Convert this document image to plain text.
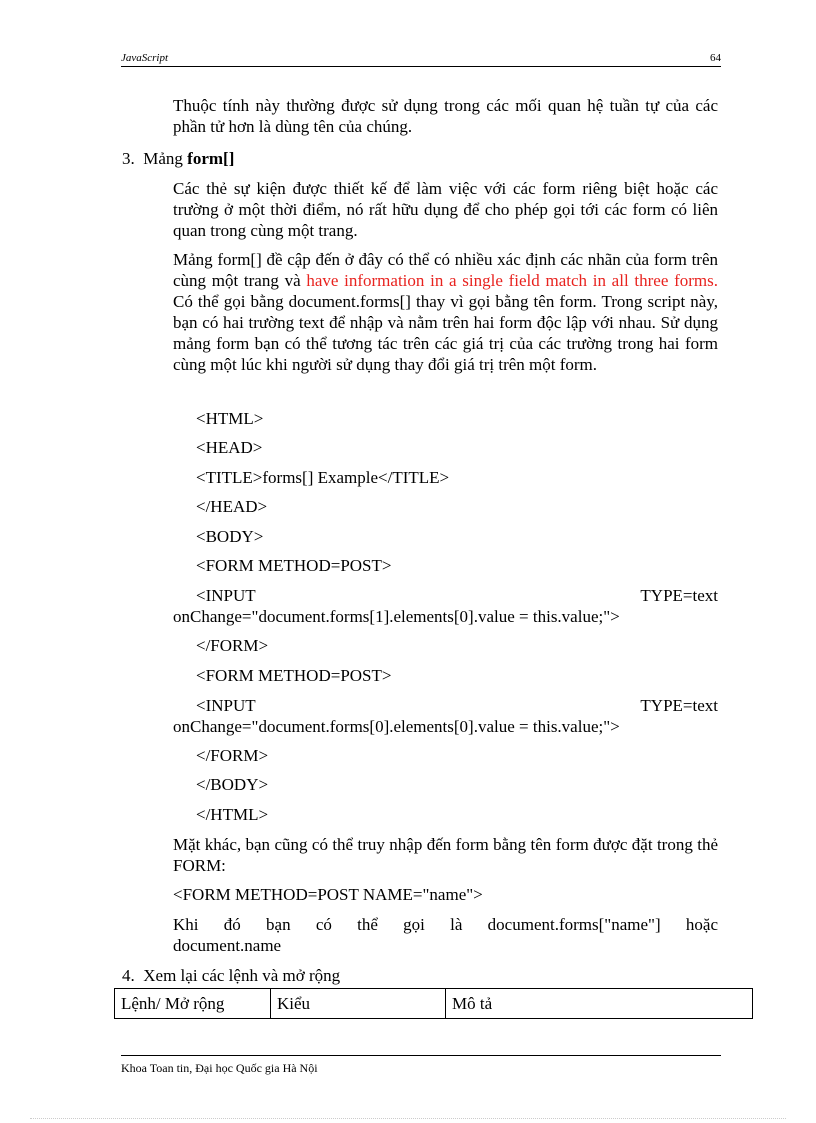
JavaScript	64

Thuộc tính này thường được sử dụng trong các mối quan hệ tuần tự của các phần tử hơn là dùng tên của chúng.

3. Mảng form[]

Các thẻ sự kiện được thiết kế để làm việc với các form riêng biệt hoặc các trường ở một thời điểm, nó rất hữu dụng để cho phép gọi tới các form có liên quan trong cùng một trang.

Mảng form[] đề cập đến ở đây có thể có nhiều xác định các nhãn của form trên cùng một trang và have information in a single field match in all three forms. Có thể gọi bằng document.forms[] thay vì gọi bằng tên form. Trong script này, bạn có hai trường text để nhập và nằm trên hai form độc lập với nhau. Sử dụng mảng form bạn có thể tương tác trên các giá trị của các trường trong hai form cùng một lúc khi người sử dụng thay đổi giá trị trên một form.

<HTML>
<HEAD>
<TITLE>forms[] Example</TITLE>
</HEAD>
<BODY>
<FORM METHOD=POST>
<INPUT	TYPE=text
onChange="document.forms[1].elements[0].value = this.value;">
</FORM>
<FORM METHOD=POST>
<INPUT	TYPE=text
onChange="document.forms[0].elements[0].value = this.value;">
</FORM>
</BODY>
</HTML>

Mặt khác, bạn cũng có thể truy nhập đến form bằng tên form được đặt trong thẻ FORM:

<FORM METHOD=POST NAME="name">
Khi đó bạn có thể gọi là document.forms["name"] hoặc
document.name
4. Xem lại các lệnh và mở rộng
Lệnh/ Mở rộng	Kiểu	Mô tả
Khoa Toan tin, Đại học Quốc gia Hà Nội
